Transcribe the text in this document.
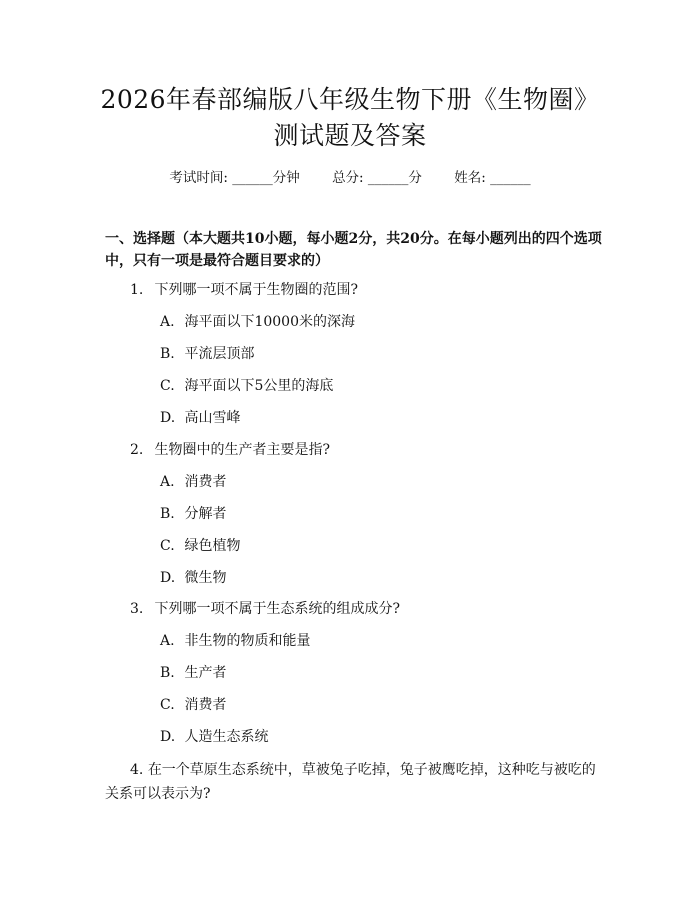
2026年春部编版八年级生物下册《生物圈》
测试题及答案
考试时间: ______分钟 总分: ______分 姓名: ______
一、选择题（本大题共10小题，每小题2分，共20分。在每小题列出的四个选项中，只有一项是最符合题目要求的）
1. 下列哪一项不属于生物圈的范围?
A. 海平面以下10000米的深海
B. 平流层顶部
C. 海平面以下5公里的海底
D. 高山雪峰
2. 生物圈中的生产者主要是指?
A. 消费者
B. 分解者
C. 绿色植物
D. 微生物
3. 下列哪一项不属于生态系统的组成成分?
A. 非生物的物质和能量
B. 生产者
C. 消费者
D. 人造生态系统
4. 在一个草原生态系统中，草被兔子吃掉，兔子被鹰吃掉，这种吃与被吃的关系可以表示为?
